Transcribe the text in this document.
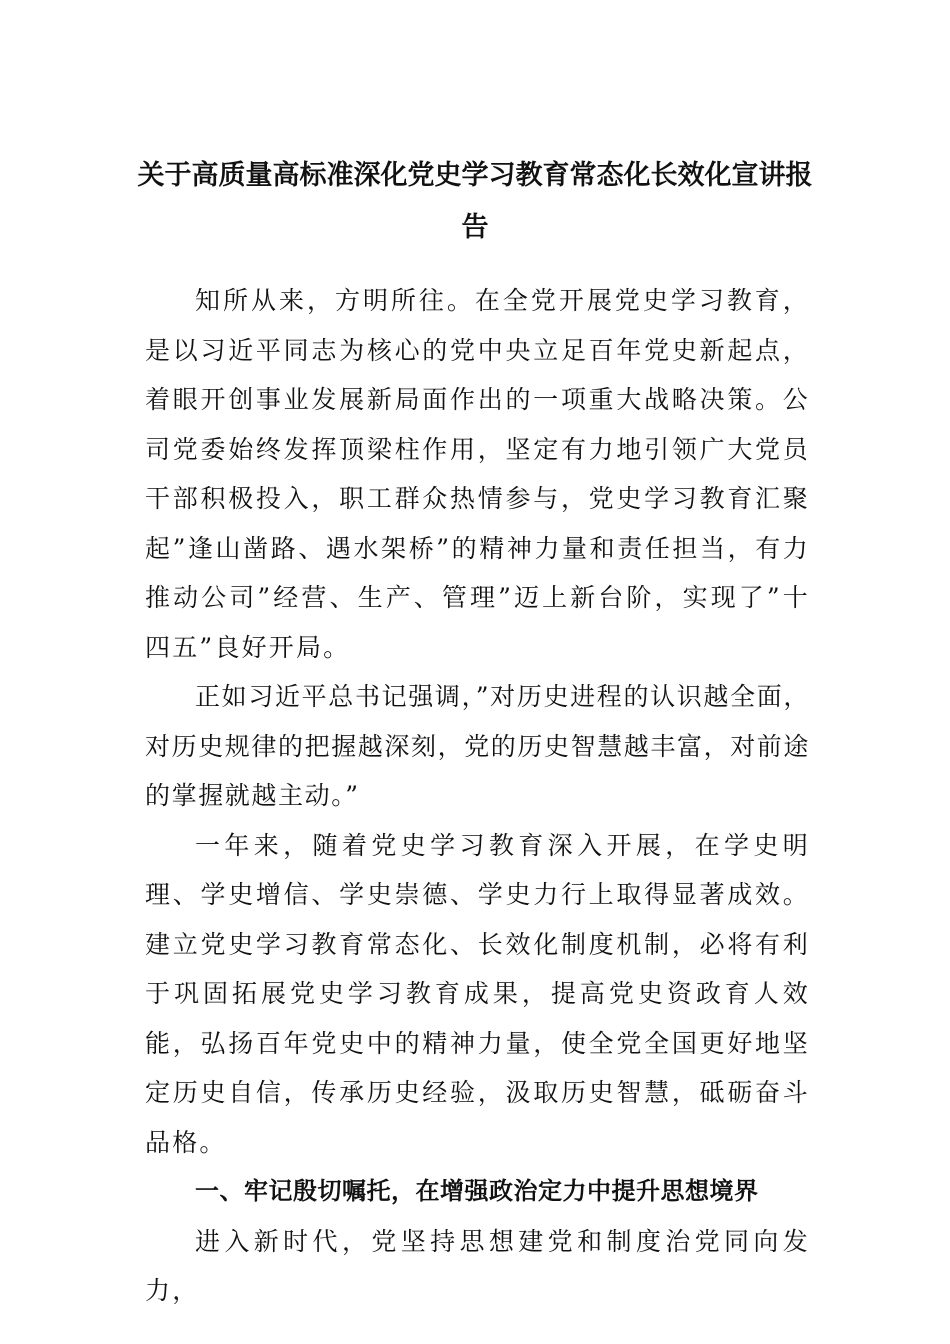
关于高质量高标准深化党史学习教育常态化长效化宣讲报告

知所从来，方明所往。在全党开展党史学习教育，是以习近平同志为核心的党中央立足百年党史新起点，着眼开创事业发展新局面作出的一项重大战略决策。公司党委始终发挥顶梁柱作用，坚定有力地引领广大党员干部积极投入，职工群众热情参与，党史学习教育汇聚起”逢山凿路、遇水架桥”的精神力量和责任担当，有力推动公司”经营、生产、管理”迈上新台阶，实现了”十四五”良好开局。

正如习近平总书记强调，”对历史进程的认识越全面，对历史规律的把握越深刻，党的历史智慧越丰富，对前途的掌握就越主动。”

一年来，随着党史学习教育深入开展，在学史明理、学史增信、学史崇德、学史力行上取得显著成效。建立党史学习教育常态化、长效化制度机制，必将有利于巩固拓展党史学习教育成果，提高党史资政育人效能，弘扬百年党史中的精神力量，使全党全国更好地坚定历史自信，传承历史经验，汲取历史智慧，砥砺奋斗品格。

一、牢记殷切嘱托，在增强政治定力中提升思想境界

进入新时代，党坚持思想建党和制度治党同向发力，
